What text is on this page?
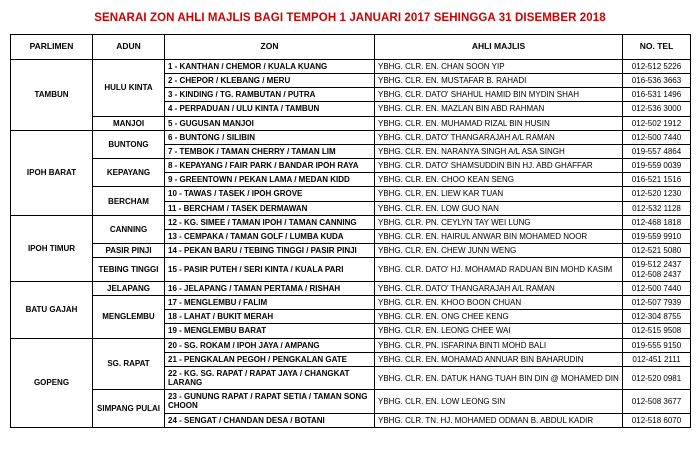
SENARAI ZON AHLI MAJLIS BAGI TEMPOH 1 JANUARI 2017 SEHINGGA 31 DISEMBER 2018
PARLIMEN	ADUN	ZON	AHLI MAJLIS	NO. TEL
TAMBUN	HULU KINTA	1 - KANTHAN / CHEMOR / KUALA KUANG	YBHG. CLR. EN. CHAN SOON YIP	012-512 5226
		2 - CHEPOR / KLEBANG / MERU	YBHG. CLR. EN. MUSTAFAR B. RAHADI	016-536 3663
		3 - KINDING / TG. RAMBUTAN / PUTRA	YBHG. CLR. DATO' SHAHUL HAMID BIN MYDIN SHAH	016-531 1496
		4 - PERPADUAN / ULU KINTA / TAMBUN	YBHG. CLR. EN. MAZLAN BIN ABD RAHMAN	012-536 3000
	MANJOI	5 - GUGUSAN MANJOI	YBHG. CLR. EN. MUHAMAD RIZAL BIN HUSIN	012-502 1912
IPOH BARAT	BUNTONG	6 - BUNTONG / SILIBIN	YBHG. CLR. DATO' THANGARAJAH A/L RAMAN	012-500 7440
		7 - TEMBOK / TAMAN CHERRY / TAMAN LIM	YBHG. CLR. EN. NARANYA SINGH A/L ASA SINGH	019-557 4864
	KEPAYANG	8 - KEPAYANG / FAIR PARK / BANDAR IPOH RAYA	YBHG. CLR. DATO' SHAMSUDDIN BIN HJ. ABD GHAFFAR	019-559 0039
		9 - GREENTOWN / PEKAN LAMA / MEDAN KIDD	YBHG. CLR. EN. CHOO KEAN SENG	016-521 1516
	BERCHAM	10 - TAWAS / TASEK / IPOH GROVE	YBHG. CLR. EN. LIEW KAR TUAN	012-520 1230
		11 - BERCHAM / TASEK DERMAWAN	YBHG. CLR. EN. LOW GUO NAN	012-532 1128
IPOH TIMUR	CANNING	12 - KG. SIMEE / TAMAN IPOH / TAMAN CANNING	YBHG. CLR. PN. CEYLYN TAY WEI LUNG	012-468 1818
		13 - CEMPAKA / TAMAN GOLF / LUMBA KUDA	YBHG. CLR. EN. HAIRUL ANWAR BIN MOHAMED NOOR	019-559 9910
	PASIR PINJI	14 - PEKAN BARU / TEBING TINGGI / PASIR PINJI	YBHG. CLR. EN. CHEW JUNN WENG	012-521 5080
	TEBING TINGGI	15 - PASIR PUTEH / SERI KINTA / KUALA PARI	YBHG. CLR. DATO' HJ. MOHAMAD RADUAN BIN MOHD KASIM	019-512 2437
012-508 2437
BATU GAJAH	JELAPANG	16 - JELAPANG / TAMAN PERTAMA / RISHAH	YBHG. CLR. DATO' THANGARAJAH A/L RAMAN	012-500 7440
	MENGLEMBU	17 - MENGLEMBU / FALIM	YBHG. CLR. EN. KHOO BOON CHUAN	012-507 7939
		18 - LAHAT / BUKIT MERAH	YBHG. CLR. EN. ONG CHEE KENG	012-304 8755
		19 - MENGLEMBU BARAT	YBHG. CLR. EN. LEONG CHEE WAI	012-515 9508
GOPENG	SG. RAPAT	20 - SG. ROKAM / IPOH JAYA / AMPANG	YBHG. CLR. PN. ISFARINA BINTI MOHD BALI	019-555 9150
		21 - PENGKALAN PEGOH / PENGKALAN GATE	YBHG. CLR. EN. MOHAMAD ANNUAR BIN BAHARUDIN	012-451 2111
		22 - KG. SG. RAPAT / RAPAT JAYA / CHANGKAT LARANG	YBHG. CLR. EN. DATUK HANG TUAH BIN DIN @ MOHAMED DIN	012-520 0981
	SIMPANG PULAI	23 - GUNUNG RAPAT / RAPAT SETIA / TAMAN SONG CHOON	YBHG. CLR. EN. LOW LEONG SIN	012-508 3677
		24 - SENGAT / CHANDAN DESA / BOTANI	YBHG. CLR. TN. HJ. MOHAMED ODMAN B. ABDUL KADIR	012-518 6070
